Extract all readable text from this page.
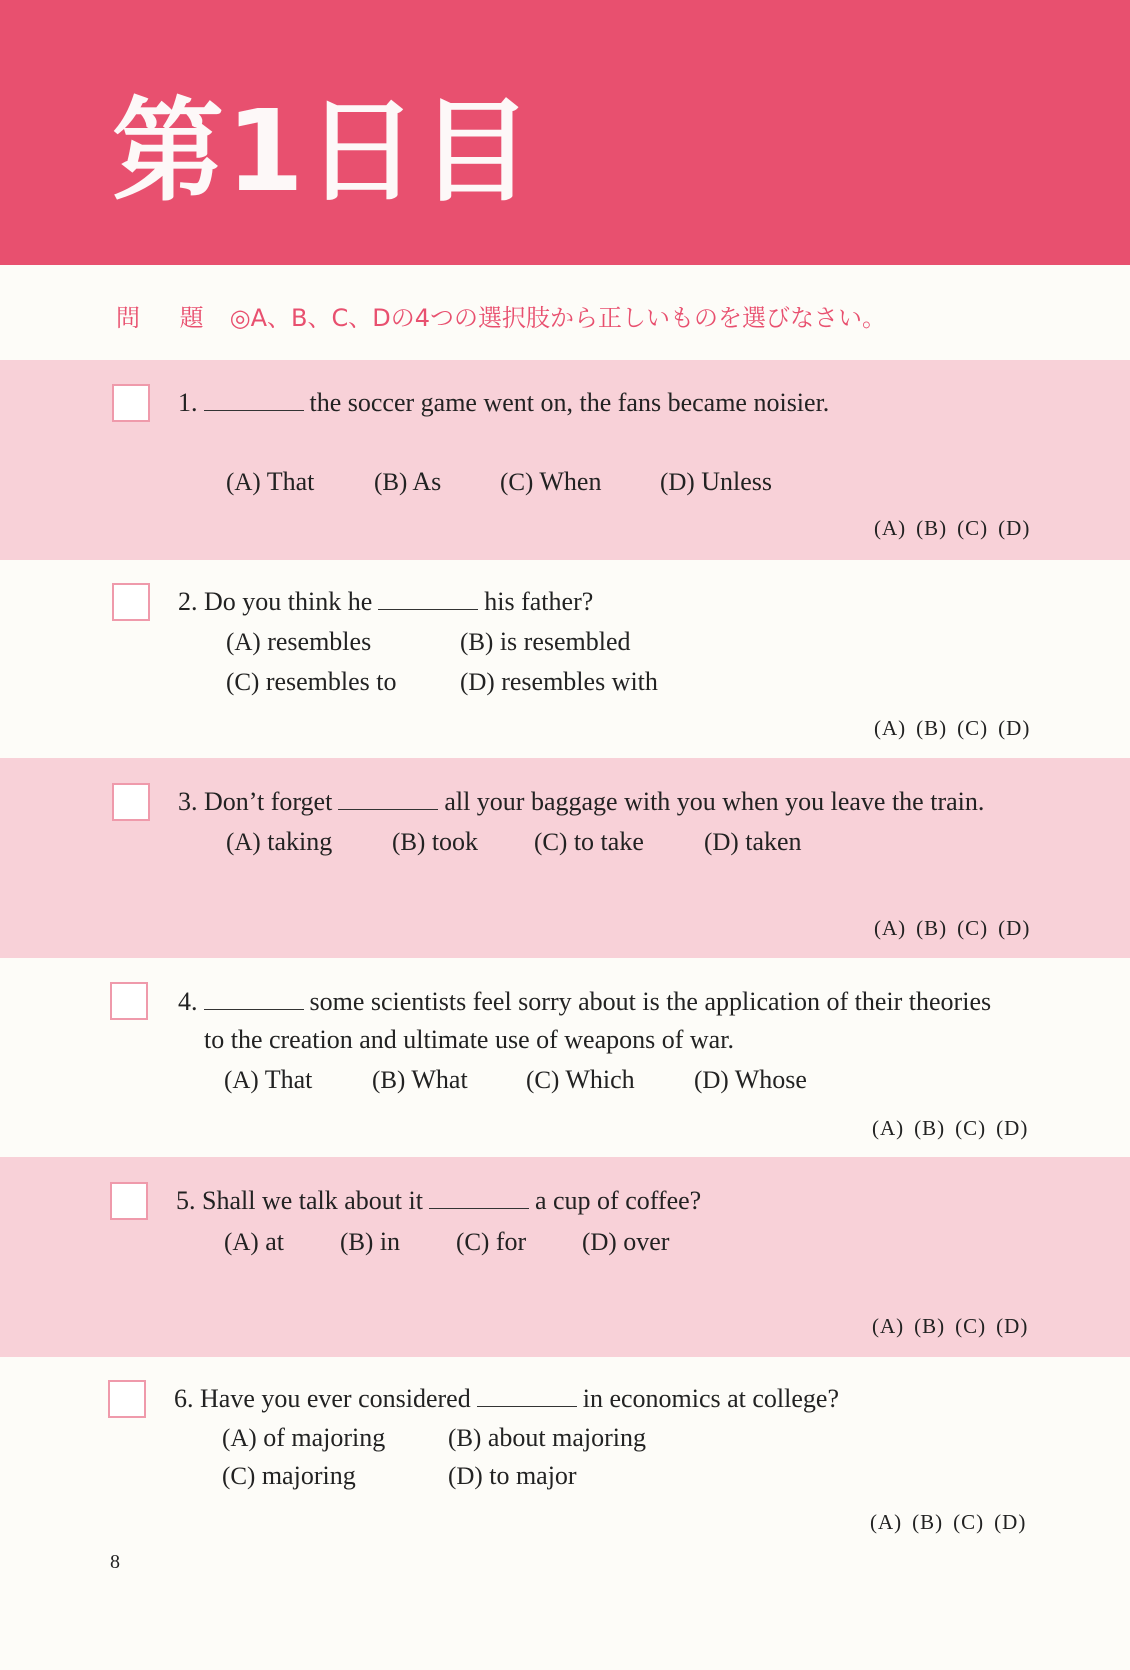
第1日目
問 題 ◎A、B、C、Dの4つの選択肢から正しいものを選びなさい。
1.	the soccer game went on, the fans became noisier.
(A) That (B) As (C) When (D) Unless
(A) (B) (C) (D)
2. Do you think he	his father?
(A) resembles	(B) is resembled
(C) resembles to	(D) resembles with
(A) (B) (C) (D)
3. Don’t forget	all your baggage with you when you leave the train.
(A) taking (B) took (C) to take (D) taken
(A) (B) (C) (D)
4.	some scientists feel sorry about is the application of their theories
to the creation and ultimate use of weapons of war.
(A) That (B) What (C) Which (D) Whose
(A) (B) (C) (D)
5. Shall we talk about it	a cup of coffee?
(A) at (B) in (C) for (D) over
(A) (B) (C) (D)
6. Have you ever considered	in economics at college?
(A) of majoring	(B) about majoring
(C) majoring	(D) to major
(A) (B) (C) (D)
8
